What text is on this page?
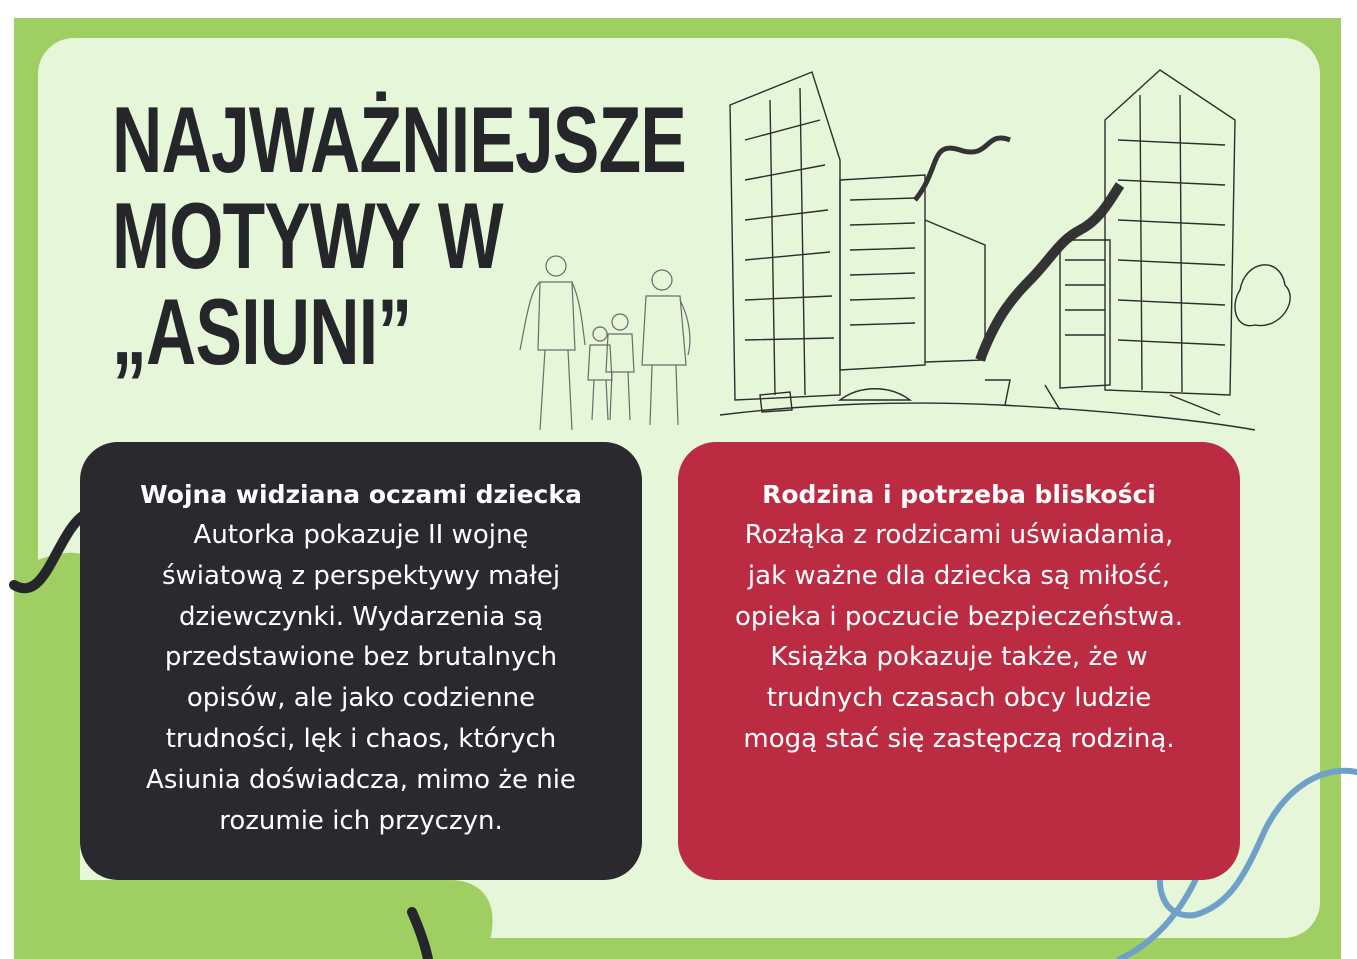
NAJWAŻNIEJSZE
MOTYWY W
„ASIUNI”
Wojna widziana oczami dziecka

Autorka pokazuje II wojnę
światową z perspektywy małej
dziewczynki. Wydarzenia są
przedstawione bez brutalnych
opisów, ale jako codzienne
trudności, lęk i chaos, których
Asiunia doświadcza, mimo że nie
rozumie ich przyczyn.

Rodzina i potrzeba bliskości

Rozłąka z rodzicami uświadamia,
jak ważne dla dziecka są miłość,
opieka i poczucie bezpieczeństwa.
Książka pokazuje także, że w
trudnych czasach obcy ludzie
mogą stać się zastępczą rodziną.
